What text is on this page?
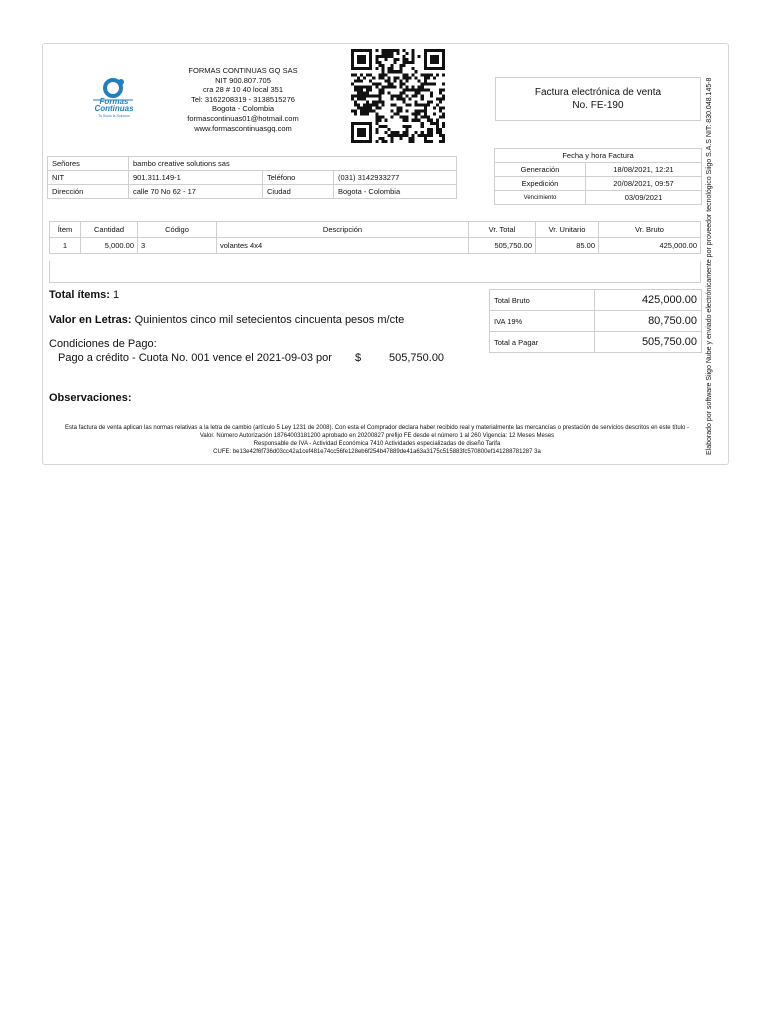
Formas Continuas
Tu Socio la Solucion
FORMAS CONTINUAS GQ SAS
NIT 900.807.705
cra 28 # 10 40 local 351
Tel: 3162208319 - 3138515276
Bogota - Colombia
formascontinuas01@hotmail.com
www.formascontinuasgq.com
Factura electrónica de venta
No. FE-190
Señores	bambo creative solutions sas		
NIT	901.311.149-1	Teléfono	(031) 3142933277
Dirección	calle 70 No 62 - 17	Ciudad	Bogota - Colombia
Fecha y hora Factura	
Generación	18/08/2021, 12:21
Expedición	20/08/2021, 09:57
Vencimiento	03/09/2021
Ítem	Cantidad	Código	Descripción	Vr. Total	Vr. Unitario	Vr. Bruto
1	5,000.00	3	volantes 4x4	505,750.00	85.00	425,000.00
Total ítems: 1
Valor en Letras: Quinientos cinco mil setecientos cincuenta pesos m/cte
Condiciones de Pago:
Pago a crédito - Cuota No. 001 vence el 2021-09-03 por $	505,750.00
Observaciones:
Total Bruto	425,000.00
IVA 19%	80,750.00
Total a Pagar	505,750.00
Esta factura de venta aplican las normas relativas a la letra de cambio (artículo 5 Ley 1231 de 2008). Con esta el Comprador declara haber recibido real y materialmente las mercancías o prestación de servicios descritos en este título - Valor. Número Autorización 18764003181200 aprobado en 20200827 prefijo FE desde el número 1 al 260 Vigencia: 12 Meses Meses
Responsable de IVA - Actividad Económica 7410 Actividades especializadas de diseño Tarifa
CUFE: be13e42f6f736d03cc42a1cef481e74cc56fe128eb6f254b47889de41a63a3175c515883fc570800ef141288781287 3a	Elaborado por software Siigo Nube y enviado electrónicamente por proveedor tecnológico Siigo S.A.S NIT: 830.048.145-8
